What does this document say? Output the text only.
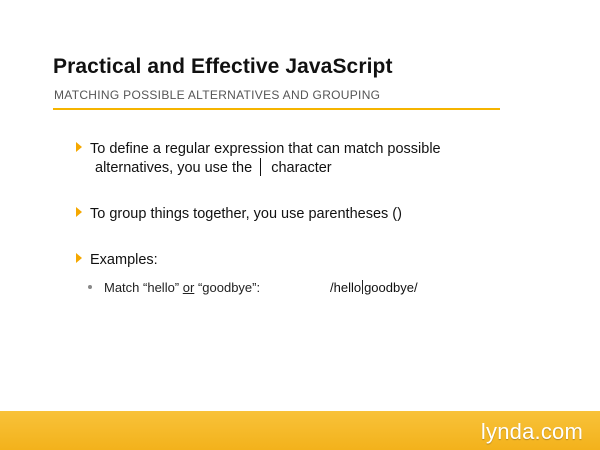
Practical and Effective JavaScript
MATCHING POSSIBLE ALTERNATIVES AND GROUPING
To define a regular expression that can match possible
alternatives, you use the character
To group things together, you use parentheses ()
Examples:
Match “hello” or “goodbye”:	/hello goodbye/
lynda.com
